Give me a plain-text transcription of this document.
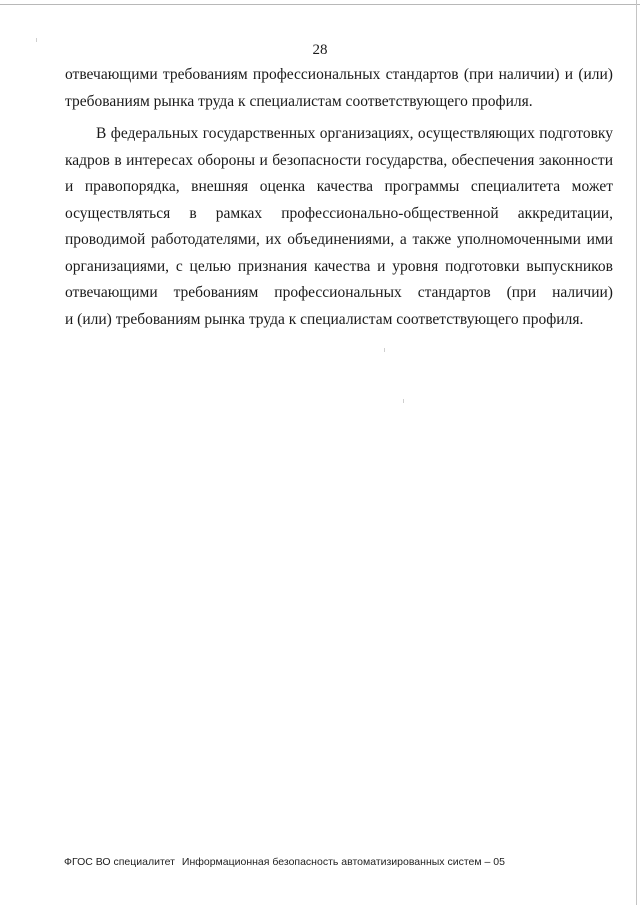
28
отвечающими требованиям профессиональных стандартов (при наличии) и (или)
требованиям рынка труда к специалистам соответствующего профиля.
В федеральных государственных организациях, осуществляющих подготовку
кадров в интересах обороны и безопасности государства, обеспечения законности
и правопорядка, внешняя оценка качества программы специалитета может
осуществляться в рамках профессионально-общественной аккредитации,
проводимой работодателями, их объединениями, а также уполномоченными ими
организациями, с целью признания качества и уровня подготовки выпускников
отвечающими требованиям профессиональных стандартов (при наличии)
и (или) требованиям рынка труда к специалистам соответствующего профиля.
ФГОС ВО специалитет Информационная безопасность автоматизированных систем – 05
